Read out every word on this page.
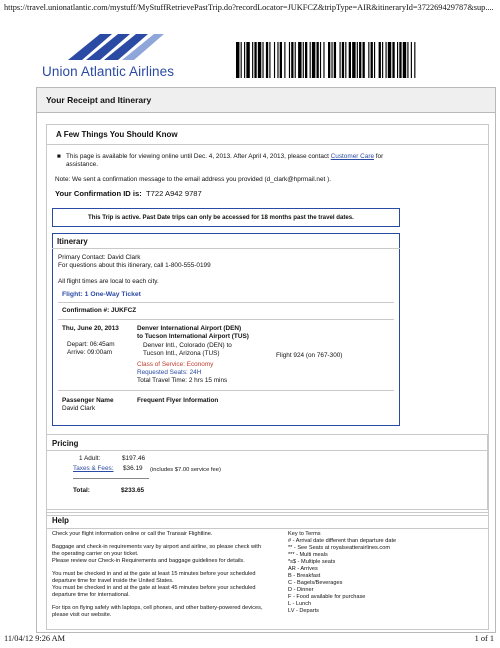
https://travel.unionatlantic.com/mystuff/MyStuffRetrievePastTrip.do?recordLocator=JUKFCZ&tripType=AIR&itineraryId=372269429787&sup....
Union Atlantic Airlines
Your Receipt and Itinerary
A Few Things You Should Know
■ This page is available for viewing online until Dec. 4, 2013. After April 4, 2013, please contact Customer Care for
assistance.
Note: We sent a confirmation message to the email address you provided (d_clark@hprmail.net ).
Your Confirmation ID is: T722 A942 9787
This Trip is active. Past Date trips can only be accessed for 18 months past the travel dates.
Itinerary
Primary Contact: David Clark
For questions about this itinerary, call 1-800-555-0199
All flight times are local to each city.
Flight: 1 One-Way Ticket
Confirmation #: JUKFCZ
Thu, June 20, 2013	Denver International Airport (DEN)
to Tucson International Airport (TUS)
Depart: 06:45am
Arrive: 09:00am
Denver Intl., Colorado (DEN) to
Tucson Intl., Arizona (TUS)	Flight 924 (on 767-300)
Class of Service: Economy
Requested Seats: 24H
Total Travel Time: 2 hrs 15 mins
Passenger Name	Frequent Flyer Information
David Clark
Pricing
1 Adult:	$197.46
Taxes & Fees: $36.19 (includes $7.00 service fee)
Total:	$233.65
Help
Check your flight information online or call the Transair Flightline.
Baggage and check-in requirements vary by airport and airline, so please check with
the operating carrier on your ticket.
Please review our Check-in Requirements and baggage guidelines for details.
You must be checked in and at the gate at least 15 minutes before your scheduled
departure time for travel inside the United States.
You must be checked in and at the gate at least 45 minutes before your scheduled
departure time for international.
For tips on flying safely with laptops, cell phones, and other battery-powered devices,
please visit our website.
Key to Terms
# - Arrival date different than departure date
** - See Seats at royalseatterairlines.com
*** - Multi meals
*s$ - Multiple seats
AR - Arrives
B - Breakfast
C - Bagels/Beverages
D - Dinner
F - Food available for purchase
L - Lunch
LV - Departs
11/04/12 9:26 AM	1 of 1
